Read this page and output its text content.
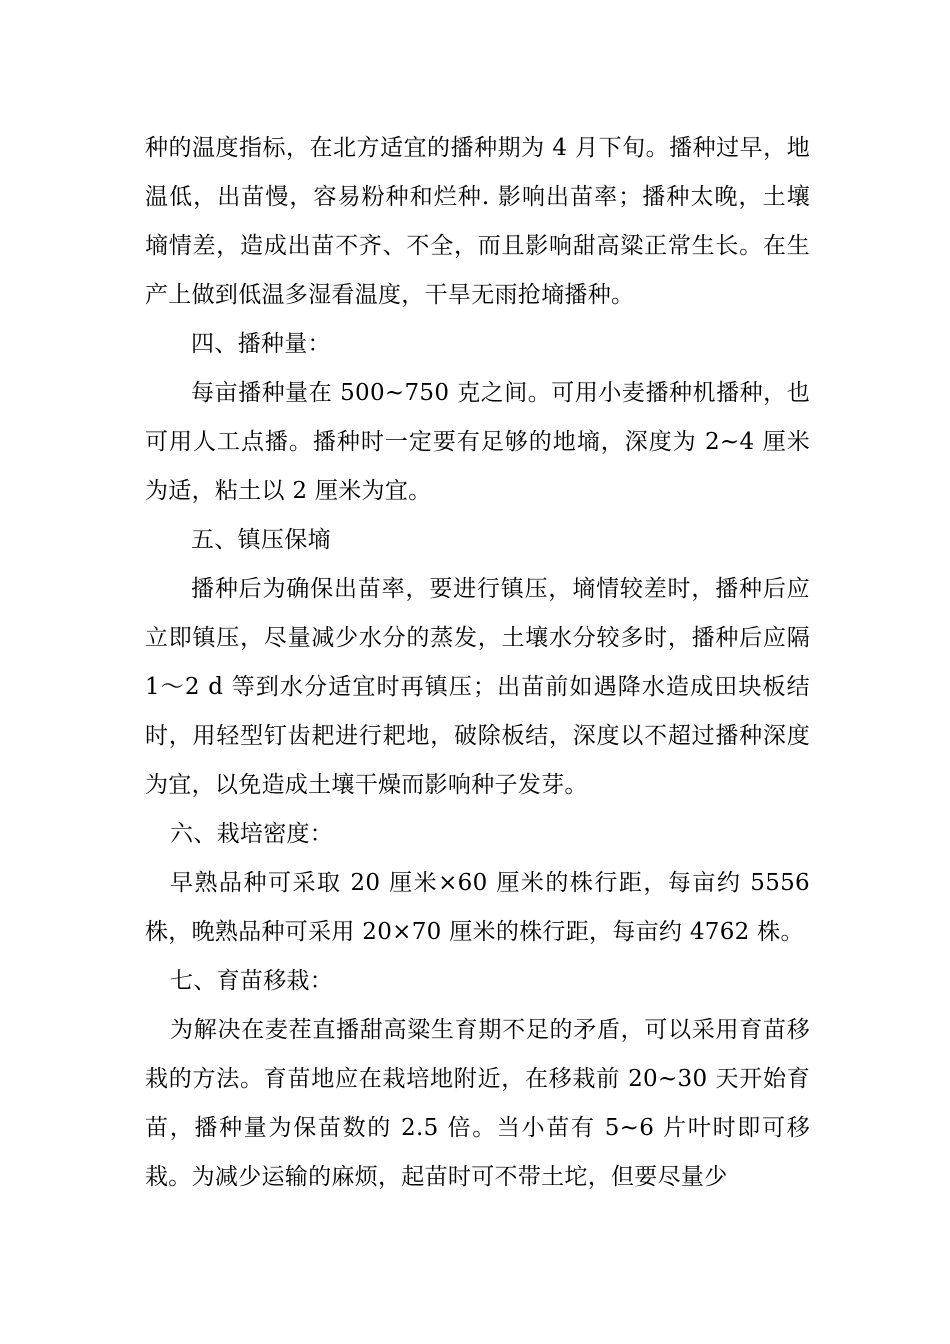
种的温度指标，在北方适宜的播种期为 4 月下旬。播种过早，地温低，出苗慢，容易粉种和烂种. 影响出苗率；播种太晚，土壤墒情差，造成出苗不齐、不全，而且影响甜高粱正常生长。在生产上做到低温多湿看温度，干旱无雨抢墒播种。

四、播种量：

每亩播种量在 500~750 克之间。可用小麦播种机播种，也可用人工点播。播种时一定要有足够的地墒，深度为 2~4 厘米为适，粘土以 2 厘米为宜。

五、镇压保墒

播种后为确保出苗率，要进行镇压，墒情较差时，播种后应立即镇压，尽量减少水分的蒸发，土壤水分较多时，播种后应隔 1～2 d 等到水分适宜时再镇压；出苗前如遇降水造成田块板结时，用轻型钉齿耙进行耙地，破除板结，深度以不超过播种深度为宜，以免造成土壤干燥而影响种子发芽。

六、栽培密度：

早熟品种可采取 20 厘米×60 厘米的株行距，每亩约 5556 株，晚熟品种可采用 20×70 厘米的株行距，每亩约 4762 株。

七、育苗移栽：

为解决在麦茬直播甜高粱生育期不足的矛盾，可以采用育苗移栽的方法。育苗地应在栽培地附近，在移栽前 20~30 天开始育苗，播种量为保苗数的 2.5 倍。当小苗有 5~6 片叶时即可移栽。为减少运输的麻烦，起苗时可不带土坨，但要尽量少
